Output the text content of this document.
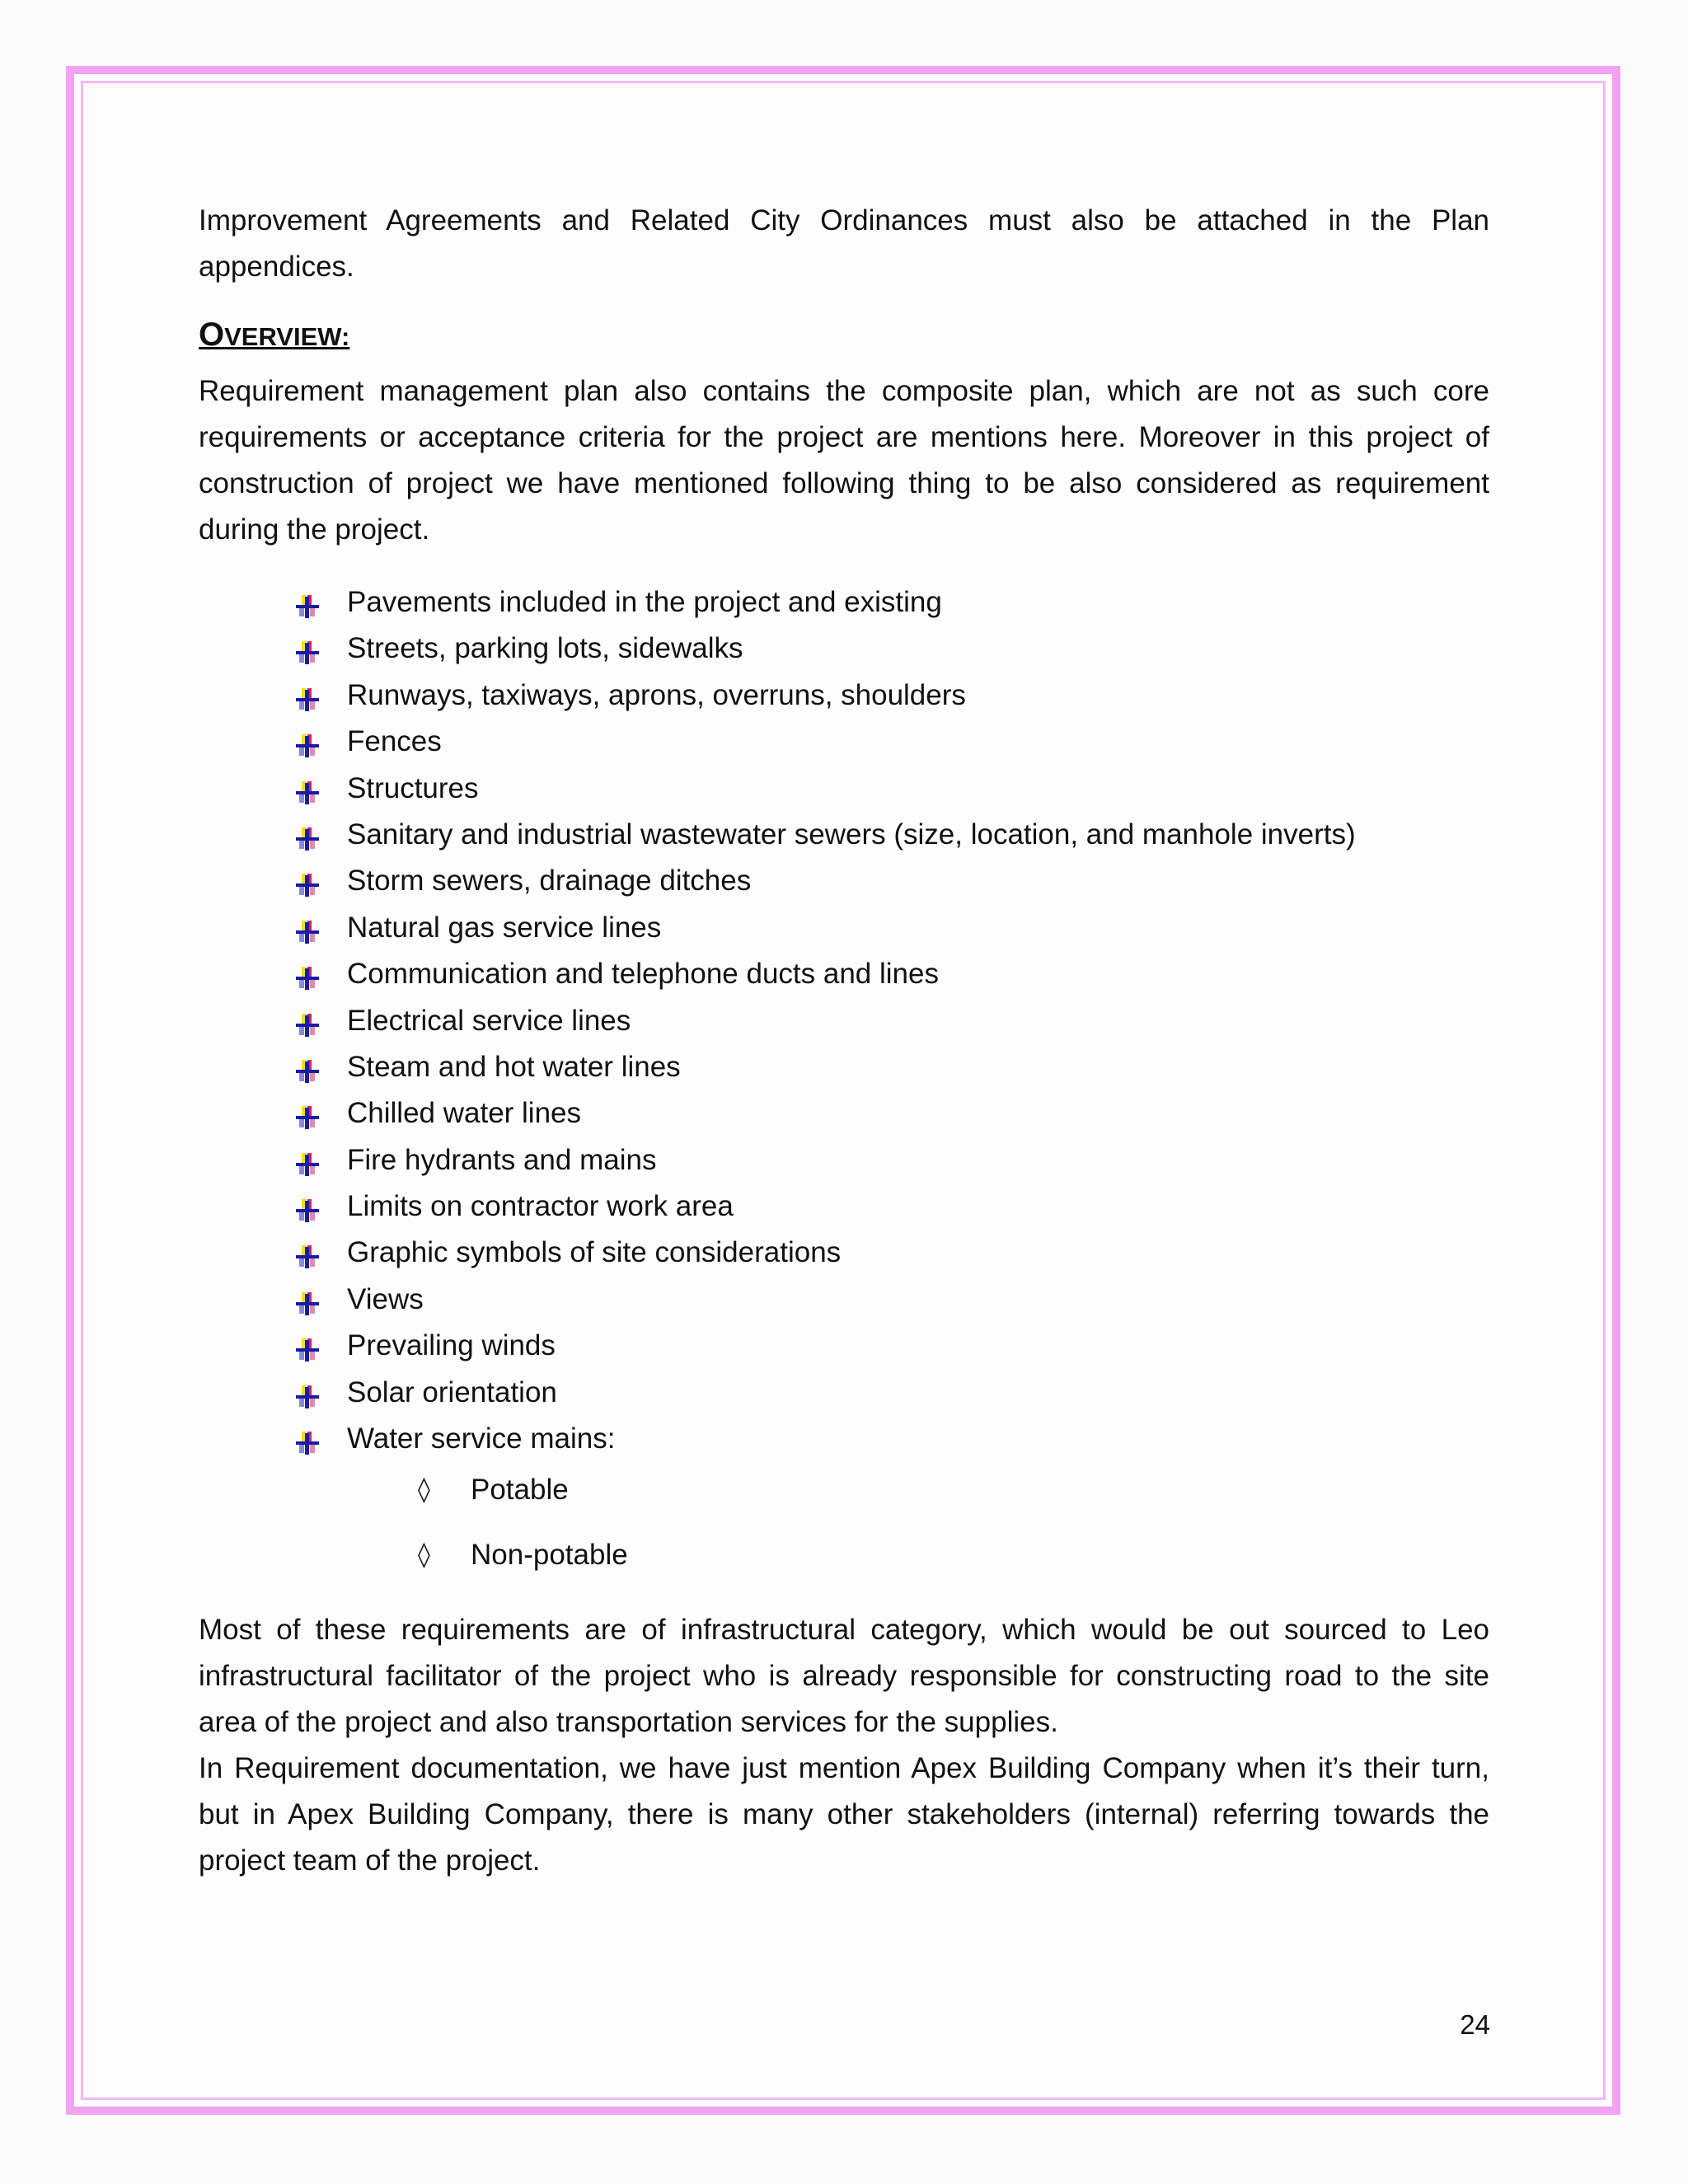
Improvement Agreements and Related City Ordinances must also be attached in the Plan appendices.

OVERVIEW:

Requirement management plan also contains the composite plan, which are not as such core requirements or acceptance criteria for the project are mentions here. Moreover in this project of construction of project we have mentioned following thing to be also considered as requirement during the project.

Pavements included in the project and existing
Streets, parking lots, sidewalks
Runways, taxiways, aprons, overruns, shoulders
Fences
Structures
Sanitary and industrial wastewater sewers (size, location, and manhole inverts)
Storm sewers, drainage ditches
Natural gas service lines
Communication and telephone ducts and lines
Electrical service lines
Steam and hot water lines
Chilled water lines
Fire hydrants and mains
Limits on contractor work area
Graphic symbols of site considerations
Views
Prevailing winds
Solar orientation
Water service mains:
◊ Potable
◊ Non-potable

Most of these requirements are of infrastructural category, which would be out sourced to Leo infrastructural facilitator of the project who is already responsible for constructing road to the site area of the project and also transportation services for the supplies.

In Requirement documentation, we have just mention Apex Building Company when it’s their turn, but in Apex Building Company, there is many other stakeholders (internal) referring towards the project team of the project.

24
